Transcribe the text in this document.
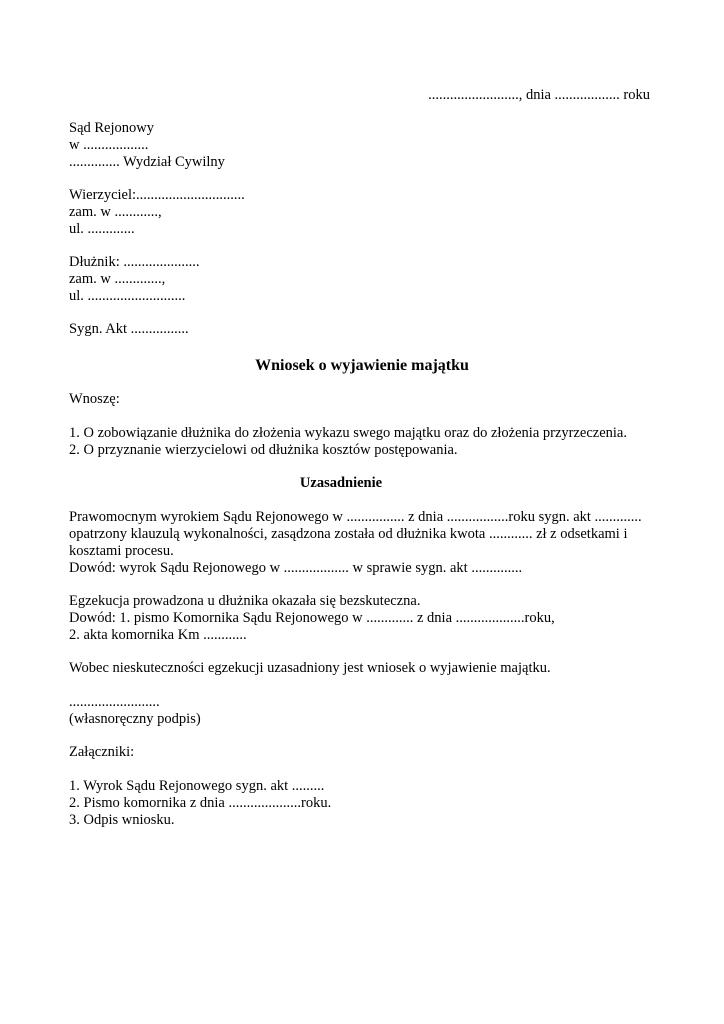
........................., dnia .................. roku
Sąd Rejonowy
w ..................
.............. Wydział Cywilny
Wierzyciel:..............................
zam. w ............,
ul. .............
Dłużnik: .....................
zam. w .............,
ul. ...........................
Sygn. Akt ................
Wniosek o wyjawienie majątku
Wnoszę:
1. O zobowiązanie dłużnika do złożenia wykazu swego majątku oraz do złożenia przyrzeczenia.
2. O przyznanie wierzycielowi od dłużnika kosztów postępowania.
Uzasadnienie
Prawomocnym wyrokiem Sądu Rejonowego w ................ z dnia .................roku sygn. akt .............
opatrzony klauzulą wykonalności, zasądzona została od dłużnika kwota ............ zł z odsetkami i
kosztami procesu.
Dowód: wyrok Sądu Rejonowego w .................. w sprawie sygn. akt ..............
Egzekucja prowadzona u dłużnika okazała się bezskuteczna.
Dowód: 1. pismo Komornika Sądu Rejonowego w ............. z dnia ...................roku,
2. akta komornika Km ............
Wobec nieskuteczności egzekucji uzasadniony jest wniosek o wyjawienie majątku.
.........................
(własnoręczny podpis)
Załączniki:
1. Wyrok Sądu Rejonowego sygn. akt .........
2. Pismo komornika z dnia ....................roku.
3. Odpis wniosku.
